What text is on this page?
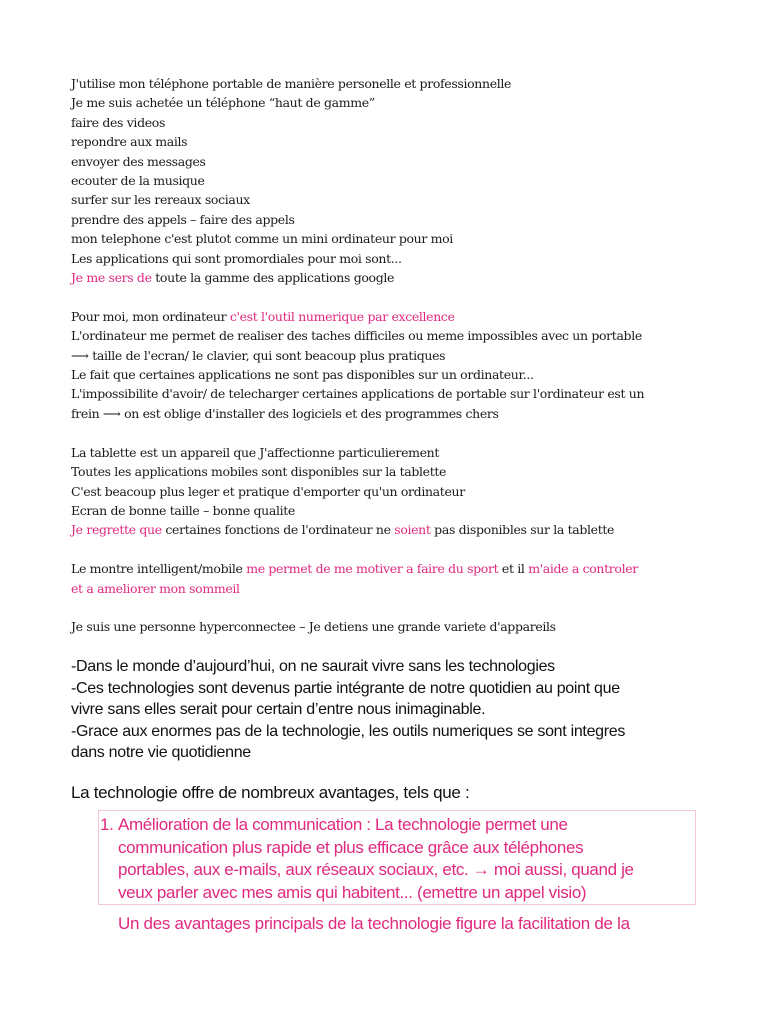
J'utilise mon téléphone portable de manière personelle et professionnelle
Je me suis achetée un téléphone “haut de gamme”
faire des videos
repondre aux mails
envoyer des messages
ecouter de la musique
surfer sur les rereaux sociaux
prendre des appels – faire des appels
mon telephone c'est plutot comme un mini ordinateur pour moi
Les applications qui sont promordiales pour moi sont...
Je me sers de toute la gamme des applications google
Pour moi, mon ordinateur c'est l'outil numerique par excellence
L'ordinateur me permet de realiser des taches difficiles ou meme impossibles avec un portable
⟶ taille de l'ecran/ le clavier, qui sont beacoup plus pratiques
Le fait que certaines applications ne sont pas disponibles sur un ordinateur...
L'impossibilite d'avoir/ de telecharger certaines applications de portable sur l'ordinateur est un
frein ⟶ on est oblige d'installer des logiciels et des programmes chers
La tablette est un appareil que J'affectionne particulierement
Toutes les applications mobiles sont disponibles sur la tablette
C'est beacoup plus leger et pratique d'emporter qu'un ordinateur
Ecran de bonne taille – bonne qualite
Je regrette que certaines fonctions de l'ordinateur ne soient pas disponibles sur la tablette
Le montre intelligent/mobile me permet de me motiver a faire du sport et il m'aide a controler
et a ameliorer mon sommeil
Je suis une personne hyperconnectee – Je detiens une grande variete d'appareils
-Dans le monde d’aujourd’hui, on ne saurait vivre sans les technologies
-Ces technologies sont devenus partie intégrante de notre quotidien au point que
vivre sans elles serait pour certain d’entre nous inimaginable.
-Grace aux enormes pas de la technologie, les outils numeriques se sont integres
dans notre vie quotidienne
La technologie offre de nombreux avantages, tels que :
1. Amélioration de la communication : La technologie permet une
communication plus rapide et plus efficace grâce aux téléphones
portables, aux e-mails, aux réseaux sociaux, etc. → moi aussi, quand je
veux parler avec mes amis qui habitent... (emettre un appel visio)
Un des avantages principals de la technologie figure la facilitation de la
